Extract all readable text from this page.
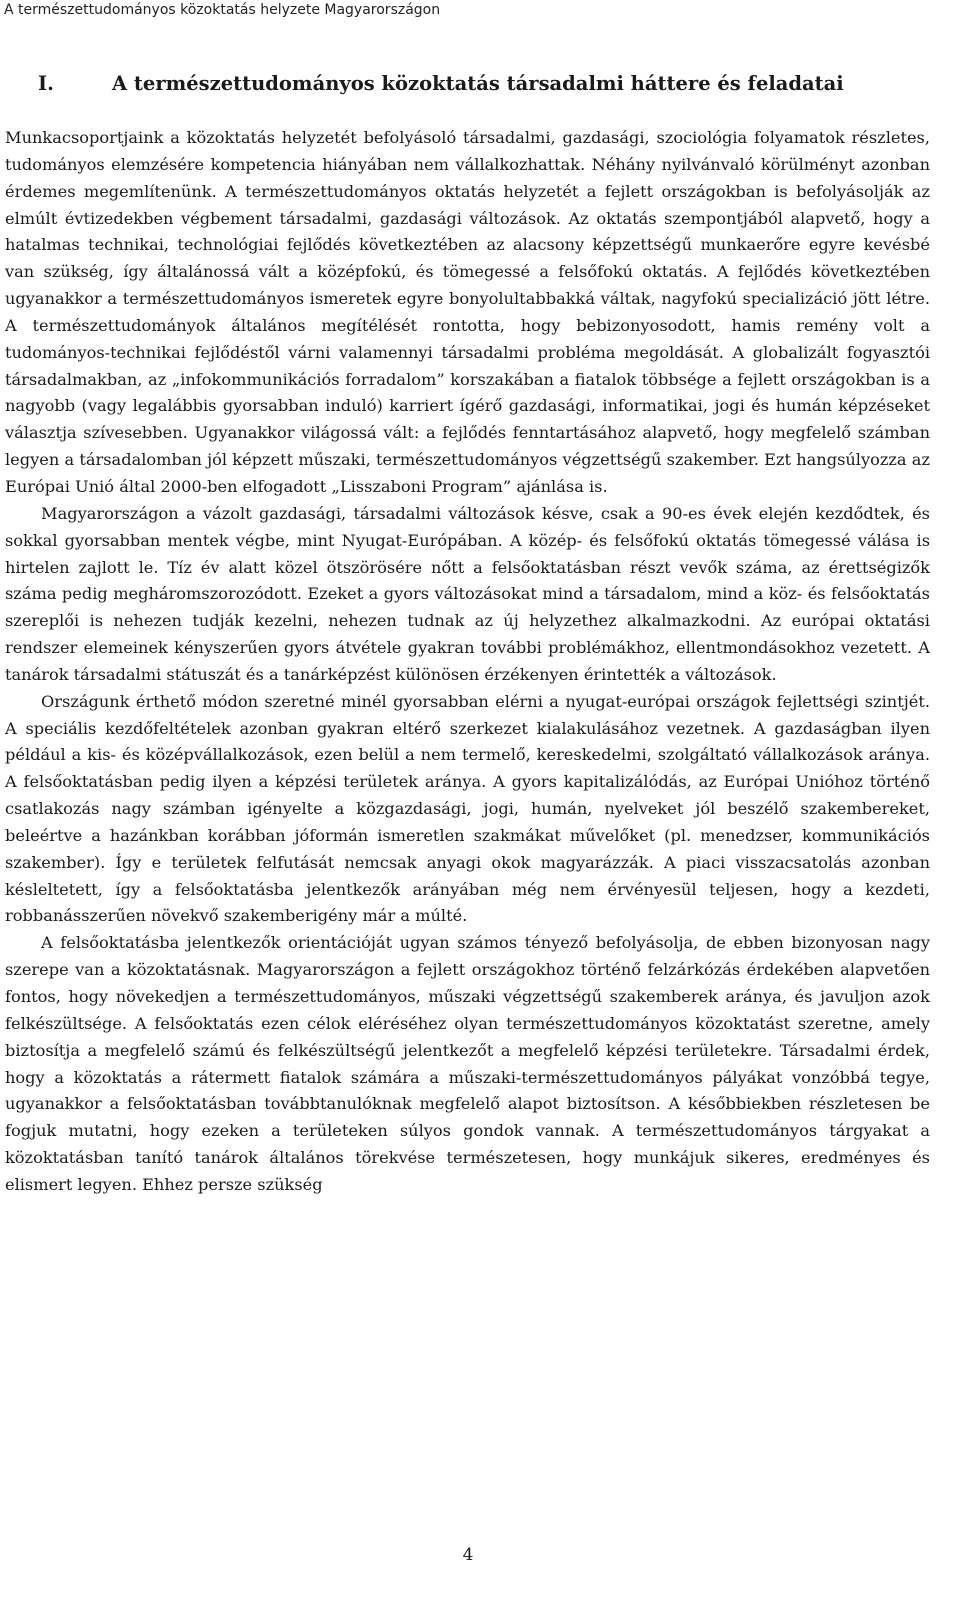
A természettudományos közoktatás helyzete Magyarországon
I.	A természettudományos közoktatás társadalmi háttere és feladatai

Munkacsoportjaink a közoktatás helyzetét befolyásoló társadalmi, gazdasági, szociológia folyamatok részletes, tudományos elemzésére kompetencia hiányában nem vállalkozhattak. Néhány nyilvánvaló körülményt azonban érdemes megemlítenünk. A természettudományos oktatás helyzetét a fejlett országokban is befolyásolják az elmúlt évtizedekben végbement társadalmi, gazdasági változások. Az oktatás szempontjából alapvető, hogy a hatalmas technikai, technológiai fejlődés következtében az alacsony képzettségű munkaerőre egyre kevésbé van szükség, így általánossá vált a középfokú, és tömegessé a felsőfokú oktatás. A fejlődés következtében ugyanakkor a természettudományos ismeretek egyre bonyolultabbakká váltak, nagyfokú specializáció jött létre. A természettudományok általános megítélését rontotta, hogy bebizonyosodott, hamis remény volt a tudományos-technikai fejlődéstől várni valamennyi társadalmi probléma megoldását. A globalizált fogyasztói társadalmakban, az „infokommunikációs forradalom” korszakában a fiatalok többsége a fejlett országokban is a nagyobb (vagy legalábbis gyorsabban induló) karriert ígérő gazdasági, informatikai, jogi és humán képzéseket választja szívesebben. Ugyanakkor világossá vált: a fejlődés fenntartásához alapvető, hogy megfelelő számban legyen a társadalomban jól képzett műszaki, természettudományos végzettségű szakember. Ezt hangsúlyozza az Európai Unió által 2000-ben elfogadott „Lisszaboni Program” ajánlása is.

Magyarországon a vázolt gazdasági, társadalmi változások késve, csak a 90-es évek elején kezdődtek, és sokkal gyorsabban mentek végbe, mint Nyugat-Európában. A közép- és felsőfokú oktatás tömegessé válása is hirtelen zajlott le. Tíz év alatt közel ötszörösére nőtt a felsőoktatásban részt vevők száma, az érettségizők száma pedig megháromszorozódott. Ezeket a gyors változásokat mind a társadalom, mind a köz- és felsőoktatás szereplői is nehezen tudják kezelni, nehezen tudnak az új helyzethez alkalmazkodni. Az európai oktatási rendszer elemeinek kényszerűen gyors átvétele gyakran további problémákhoz, ellentmondásokhoz vezetett. A tanárok társadalmi státuszát és a tanárképzést különösen érzékenyen érintették a változások.

Országunk érthető módon szeretné minél gyorsabban elérni a nyugat-európai országok fejlettségi szintjét. A speciális kezdőfeltételek azonban gyakran eltérő szerkezet kialakulásához vezetnek. A gazdaságban ilyen például a kis- és középvállalkozások, ezen belül a nem termelő, kereskedelmi, szolgáltató vállalkozások aránya. A felsőoktatásban pedig ilyen a képzési területek aránya. A gyors kapitalizálódás, az Európai Unióhoz történő csatlakozás nagy számban igényelte a közgazdasági, jogi, humán, nyelveket jól beszélő szakembereket, beleértve a hazánkban korábban jóformán ismeretlen szakmákat művelőket (pl. menedzser, kommunikációs szakember). Így e területek felfutását nemcsak anyagi okok magyarázzák. A piaci visszacsatolás azonban késleltetett, így a felsőoktatásba jelentkezők arányában még nem érvényesül teljesen, hogy a kezdeti, robbanásszerűen növekvő szakemberigény már a múlté.

A felsőoktatásba jelentkezők orientációját ugyan számos tényező befolyásolja, de ebben bizonyosan nagy szerepe van a közoktatásnak. Magyarországon a fejlett országokhoz történő felzárkózás érdekében alapvetően fontos, hogy növekedjen a természettudományos, műszaki végzettségű szakemberek aránya, és javuljon azok felkészültsége. A felsőoktatás ezen célok eléréséhez olyan természettudományos közoktatást szeretne, amely biztosítja a megfelelő számú és felkészültségű jelentkezőt a megfelelő képzési területekre. Társadalmi érdek, hogy a közoktatás a rátermett fiatalok számára a műszaki-természettudományos pályákat vonzóbbá tegye, ugyanakkor a felsőoktatásban továbbtanulóknak megfelelő alapot biztosítson. A későbbiekben részletesen be fogjuk mutatni, hogy ezeken a területeken súlyos gondok vannak. A természettudományos tárgyakat a közoktatásban tanító tanárok általános törekvése természetesen, hogy munkájuk sikeres, eredményes és elismert legyen. Ehhez persze szükség

4
